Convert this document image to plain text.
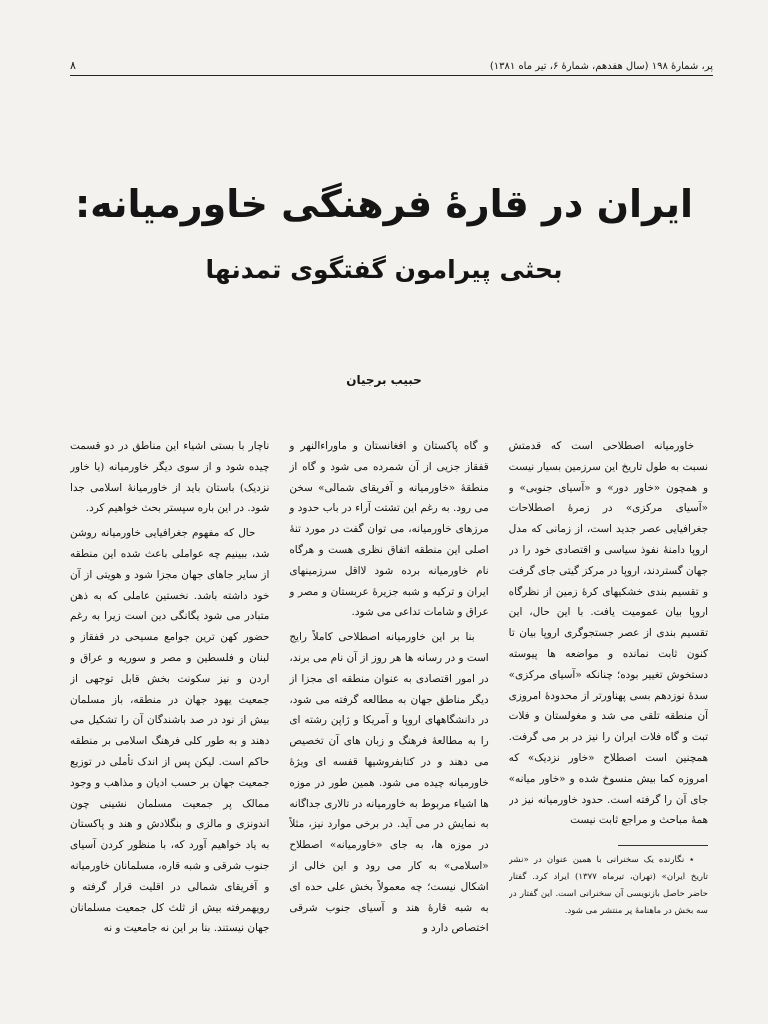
پر، شمارهٔ ۱۹۸ (سال هفدهم، شمارهٔ ۶، تیر ماه ۱۳۸۱)
۸
ایران در قارهٔ فرهنگی خاورمیانه:
بحثی پیرامون گفتگوی تمدنها
حبیب برجیان

خاورمیانه اصطلاحی است که قدمتش نسبت به طول تاریخ این سرزمین بسیار نیست و همچون «خاور دور» و «آسیای جنوبی» و «آسیای مرکزی» در زمرهٔ اصطلاحات جغرافیایی عصر جدید است، از زمانی که مدل اروپا دامنهٔ نفوذ سیاسی و اقتصادی خود را در جهان گستردند، اروپا در مرکز گیتی جای گرفت و تقسیم بندی خشکیهای کرهٔ زمین از نظرگاه اروپا بیان عمومیت یافت. با این حال، این تقسیم بندی از عصر جستجوگری اروپا بیان تا کنون ثابت نمانده و مواضعه ها پیوسته دستخوش تغییر بوده؛ چنانکه «آسیای مرکزی» سدهٔ نوزدهم بسی پهناورتر از محدودهٔ امروزی آن منطقه تلقی می شد و مغولستان و فلات تبت و گاه فلات ایران را نیز در بر می گرفت. همچنین است اصطلاح «خاور نزدیک» که امروزه کما بیش منسوخ شده و «خاور میانه» جای آن را گرفته است. حدود خاورمیانه نیز در همهٔ مباحث و مراجع ثابت نیست

٭ نگارنده یک سخنرانی با همین عنوان در «نشر تاریخ ایران» (تهران، تیرماه ۱۳۷۷) ایراد کرد. گفتار حاضر حاصل بازنویسی آن سخنرانی است. این گفتار در سه بخش در ماهنامهٔ پر منتشر می شود.

و گاه پاکستان و افغانستان و ماوراءالنهر و قفقاز جزیی از آن شمرده می شود و گاه از منطقهٔ «خاورمیانه و آفریقای شمالی» سخن می رود. به رغم این تشتت آراء در باب حدود و مرزهای خاورمیانه، می توان گفت در مورد تنهٔ اصلی این منطقه اتفاق نظری هست و هرگاه نام خاورمیانه برده شود لااقل سرزمینهای ایران و ترکیه و شبه جزیرهٔ عربستان و مصر و عراق و شامات تداعی می شود.

بنا بر این خاورمیانه اصطلاحی کاملاً رایج است و در رسانه ها هر روز از آن نام می برند، در امور اقتصادی به عنوان منطقه ای مجزا از دیگر مناطق جهان به مطالعه گرفته می شود، در دانشگاههای اروپا و آمریکا و ژاپن رشته ای را به مطالعهٔ فرهنگ و زبان های آن تخصیص می دهند و در کتابفروشیها قفسه ای ویژهٔ خاورمیانه چیده می شود. همین طور در موزه ها اشیاء مربوط به خاورمیانه در تالاری جداگانه به نمایش در می آید. در برخی موارد نیز، مثلاً در موزه ها، به جای «خاورمیانه» اصطلاح «اسلامی» به کار می رود و این خالی از اشکال نیست؛ چه معمولاً بخش علی حده ای به شبه قارهٔ هند و آسیای جنوب شرقی اختصاص دارد و

ناچار با بستی اشیاء این مناطق در دو قسمت چیده شود و از سوی دیگر خاورمیانه (یا خاور نزدیک) باستان باید از خاورمیانهٔ اسلامی جدا شود. در این باره سپستر بحث خواهیم کرد.

حال که مفهوم جغرافیایی خاورمیانه روشن شد، ببینیم چه عواملی باعث شده این منطقه از سایر جاهای جهان مجزا شود و هویتی از آن خود داشته باشد. نخستین عاملی که به ذهن متبادر می شود یگانگی دین است زیرا به رغم حضور کهن ترین جوامع مسیحی در قفقاز و لبنان و فلسطین و مصر و سوریه و عراق و اردن و نیز سکونت بخش قابل توجهی از جمعیت یهود جهان در منطقه، باز مسلمان بیش از نود در صد باشندگان آن را تشکیل می دهند و به طور کلی فرهنگ اسلامی بر منطقه حاکم است. لیکن پس از اندک تأملی در توزیع جمعیت جهان بر حسب ادیان و مذاهب و وجود ممالک پر جمعیت مسلمان نشینی چون اندونزی و مالزی و بنگلادش و هند و پاکستان به یاد خواهیم آورد که، با منظور کردن آسیای جنوب شرقی و شبه قاره، مسلمانان خاورمیانه و آفریقای شمالی در اقلیت قرار گرفته و رویهمرفته بیش از ثلث کل جمعیت مسلمانان جهان نیستند. بنا بر این نه جامعیت و نه
